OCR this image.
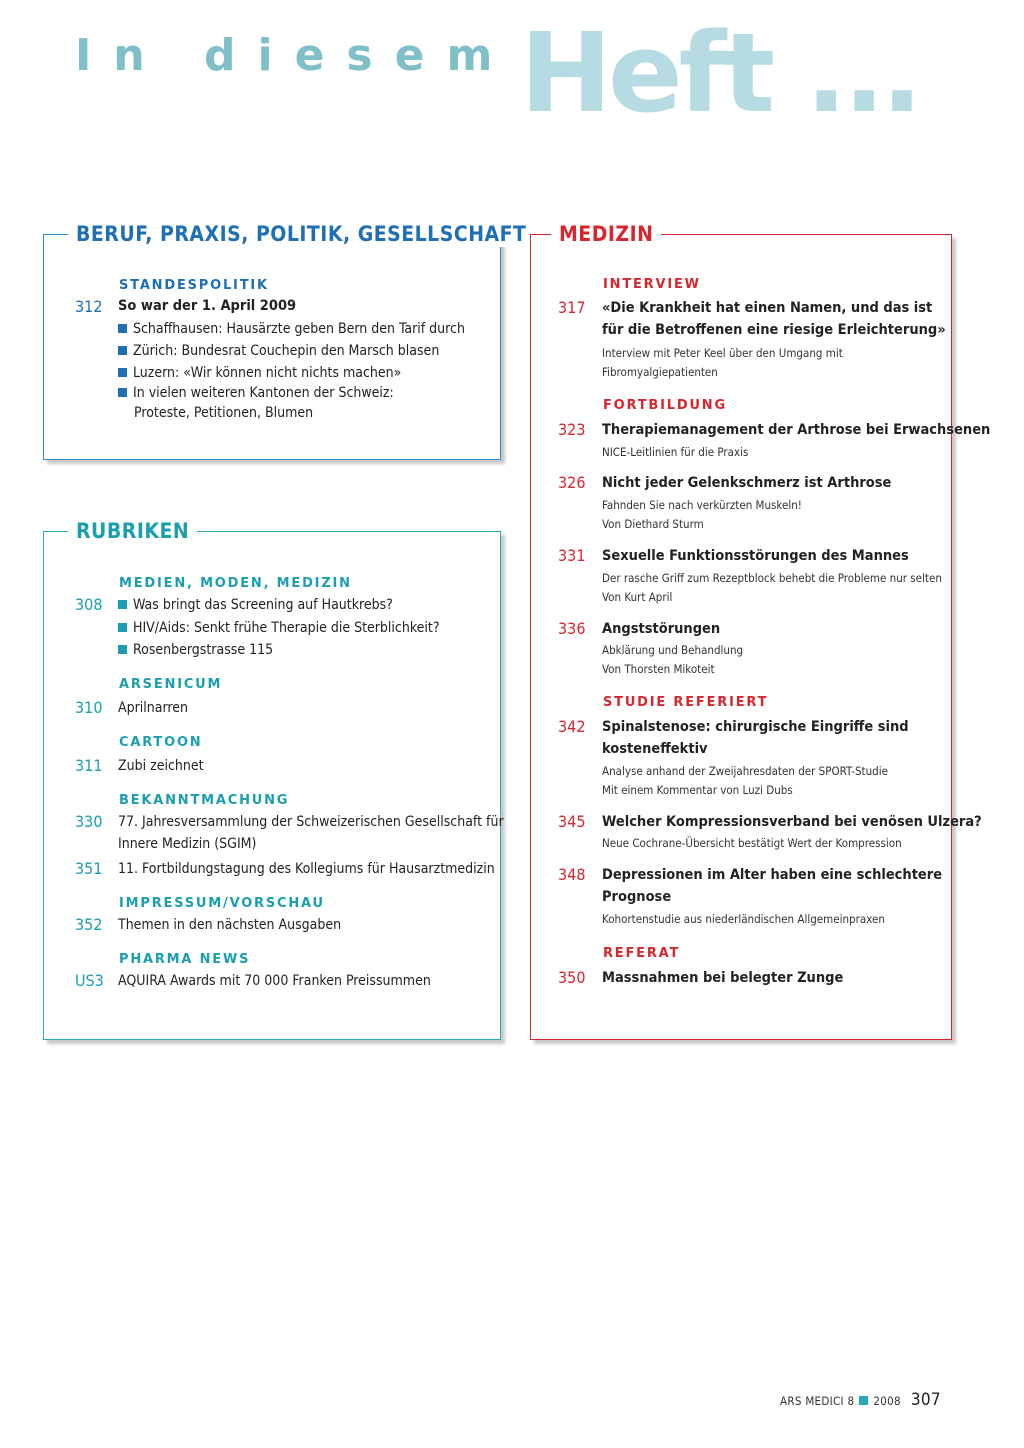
In diesem Heft ...
BERUF, PRAXIS, POLITIK, GESELLSCHAFT
STANDESPOLITIK
312 So war der 1. April 2009
Schaffhausen: Hausärzte geben Bern den Tarif durch
Zürich: Bundesrat Couchepin den Marsch blasen
Luzern: «Wir können nicht nichts machen»
In vielen weiteren Kantonen der Schweiz:
Proteste, Petitionen, Blumen
RUBRIKEN
MEDIEN, MODEN, MEDIZIN
308	Was bringt das Screening auf Hautkrebs?
HIV/Aids: Senkt frühe Therapie die Sterblichkeit?
Rosenbergstrasse 115
ARSENICUM
310 Aprilnarren
CARTOON
311 Zubi zeichnet
BEKANNTMACHUNG
330 77. Jahresversammlung der Schweizerischen Gesellschaft für
Innere Medizin (SGIM)
351 11. Fortbildungstagung des Kollegiums für Hausarztmedizin
IMPRESSUM/VORSCHAU
352 Themen in den nächsten Ausgaben
PHARMA NEWS
US3 AQUIRA Awards mit 70 000 Franken Preissummen
MEDIZIN
INTERVIEW
317 «Die Krankheit hat einen Namen, und das ist
für die Betroffenen eine riesige Erleichterung»
Interview mit Peter Keel über den Umgang mit
Fibromyalgiepatienten
FORTBILDUNG
323 Therapiemanagement der Arthrose bei Erwachsenen
NICE-Leitlinien für die Praxis
326 Nicht jeder Gelenkschmerz ist Arthrose
Fahnden Sie nach verkürzten Muskeln!
Von Diethard Sturm
331 Sexuelle Funktionsstörungen des Mannes
Der rasche Griff zum Rezeptblock behebt die Probleme nur selten
Von Kurt April
336 Angststörungen
Abklärung und Behandlung
Von Thorsten Mikoteit
STUDIE REFERIERT
342 Spinalstenose: chirurgische Eingriffe sind
kosteneffektiv
Analyse anhand der Zweijahresdaten der SPORT-Studie
Mit einem Kommentar von Luzi Dubs
345 Welcher Kompressionsverband bei venösen Ulzera?
Neue Cochrane-Übersicht bestätigt Wert der Kompression
348 Depressionen im Alter haben eine schlechtere
Prognose
Kohortenstudie aus niederländischen Allgemeinpraxen
REFERAT
350 Massnahmen bei belegter Zunge
ARS MEDICI 8 2008 307
